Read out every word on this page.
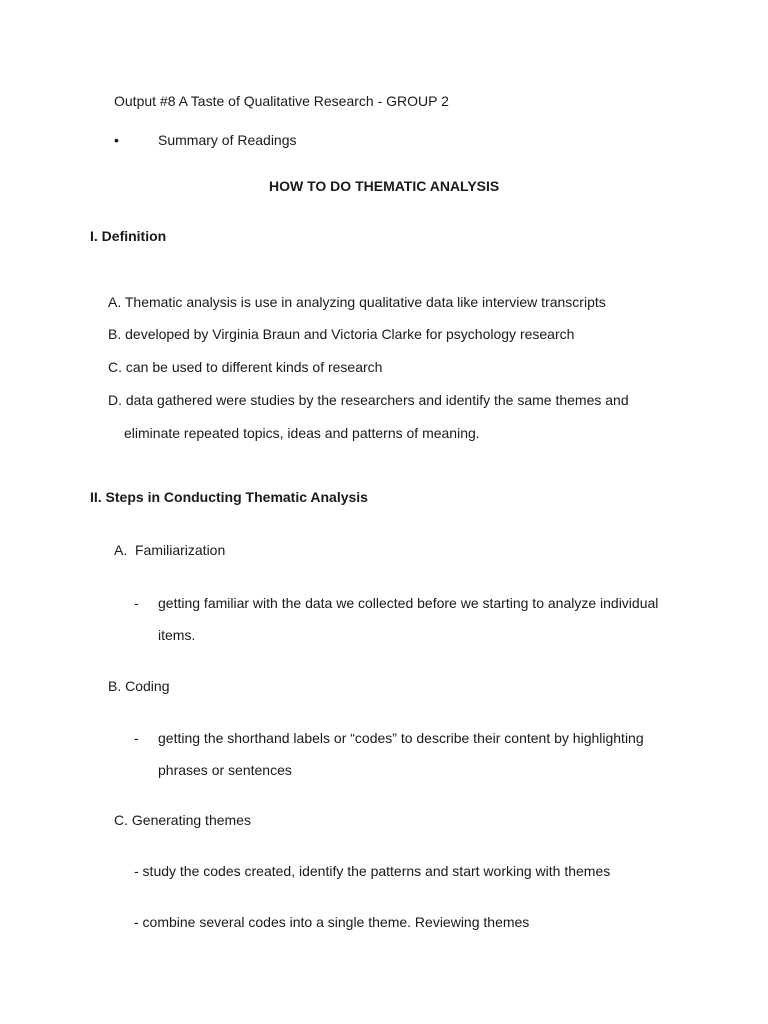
Output #8 A Taste of Qualitative Research - GROUP 2
•	Summary of Readings
HOW TO DO THEMATIC ANALYSIS
I. Definition
A. Thematic analysis is use in analyzing qualitative data like interview transcripts
B. developed by Virginia Braun and Victoria Clarke for psychology research
C. can be used to different kinds of research
D. data gathered were studies by the researchers and identify the same themes and
eliminate repeated topics, ideas and patterns of meaning.
II. Steps in Conducting Thematic Analysis
A. Familiarization
- getting familiar with the data we collected before we starting to analyze individual
items.
B. Coding
- getting the shorthand labels or “codes” to describe their content by highlighting
phrases or sentences
C. Generating themes
- study the codes created, identify the patterns and start working with themes
- combine several codes into a single theme. Reviewing themes
